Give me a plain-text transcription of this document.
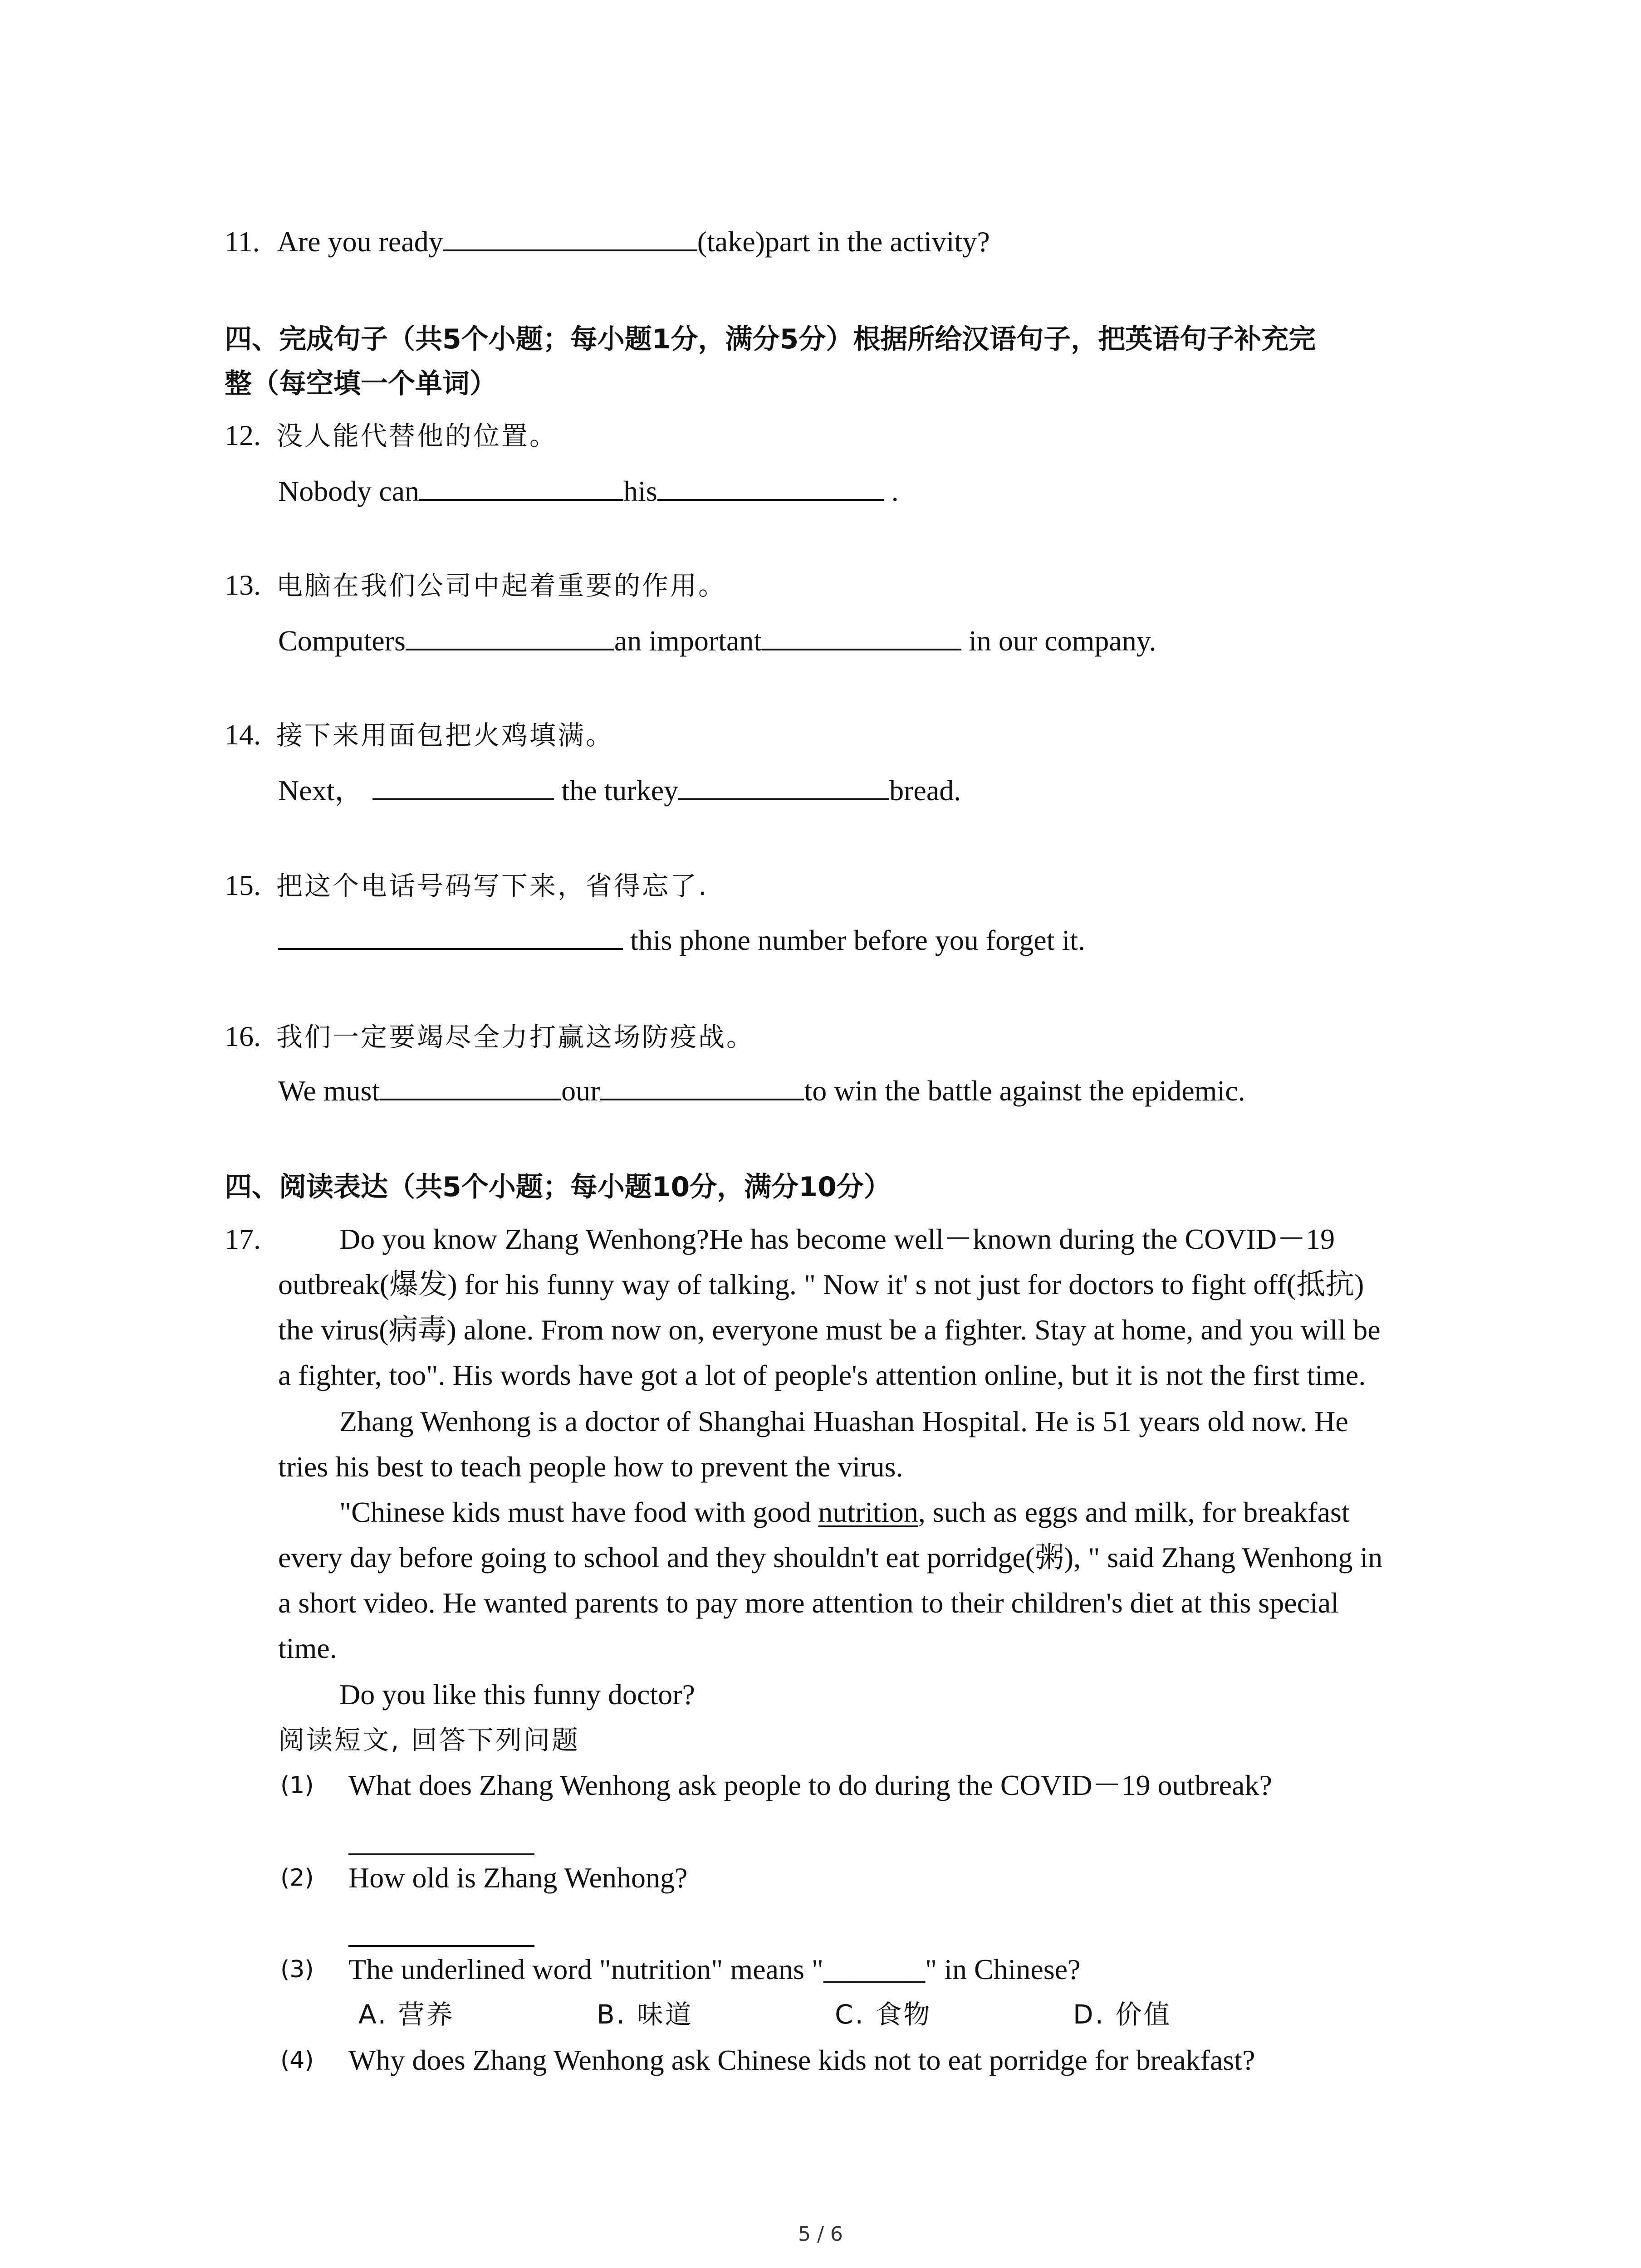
11. Are you ready	(take)part in the activity?
四、完成句子（共5个小题；每小题1分，满分5分）根据所给汉语句子，把英语句子补充完
整（每空填一个单词）
12. 没人能代替他的位置。
Nobody can	his	.
13. 电脑在我们公司中起着重要的作用。
Computers	an important	in our company.
14. 接下来用面包把火鸡填满。
Next，	the turkey	bread.
15. 把这个电话号码写下来，省得忘了.
this phone number before you forget it.
16. 我们一定要竭尽全力打赢这场防疫战。
We must	our	to win the battle against the epidemic.
四、阅读表达（共5个小题；每小题10分，满分10分）
17.	Do you know Zhang Wenhong?He has become well－known during the COVID－19
outbreak(爆发) for his funny way of talking. " Now it' s not just for doctors to fight off(抵抗)
the virus(病毒) alone. From now on, everyone must be a fighter. Stay at home, and you will be
a fighter, too". His words have got a lot of people's attention online, but it is not the first time.
Zhang Wenhong is a doctor of Shanghai Huashan Hospital. He is 51 years old now. He
tries his best to teach people how to prevent the virus.
"Chinese kids must have food with good nutrition, such as eggs and milk, for breakfast
every day before going to school and they shouldn't eat porridge(粥), " said Zhang Wenhong in
a short video. He wanted parents to pay more attention to their children's diet at this special
time.
Do you like this funny doctor?
阅读短文, 回答下列问题
(1) What does Zhang Wenhong ask people to do during the COVID－19 outbreak?
(2) How old is Zhang Wenhong?
(3) The underlined word "nutrition" means "_______" in Chinese?
A. 营养	B. 味道	C. 食物	D. 价值
(4) Why does Zhang Wenhong ask Chinese kids not to eat porridge for breakfast?
5 / 6
